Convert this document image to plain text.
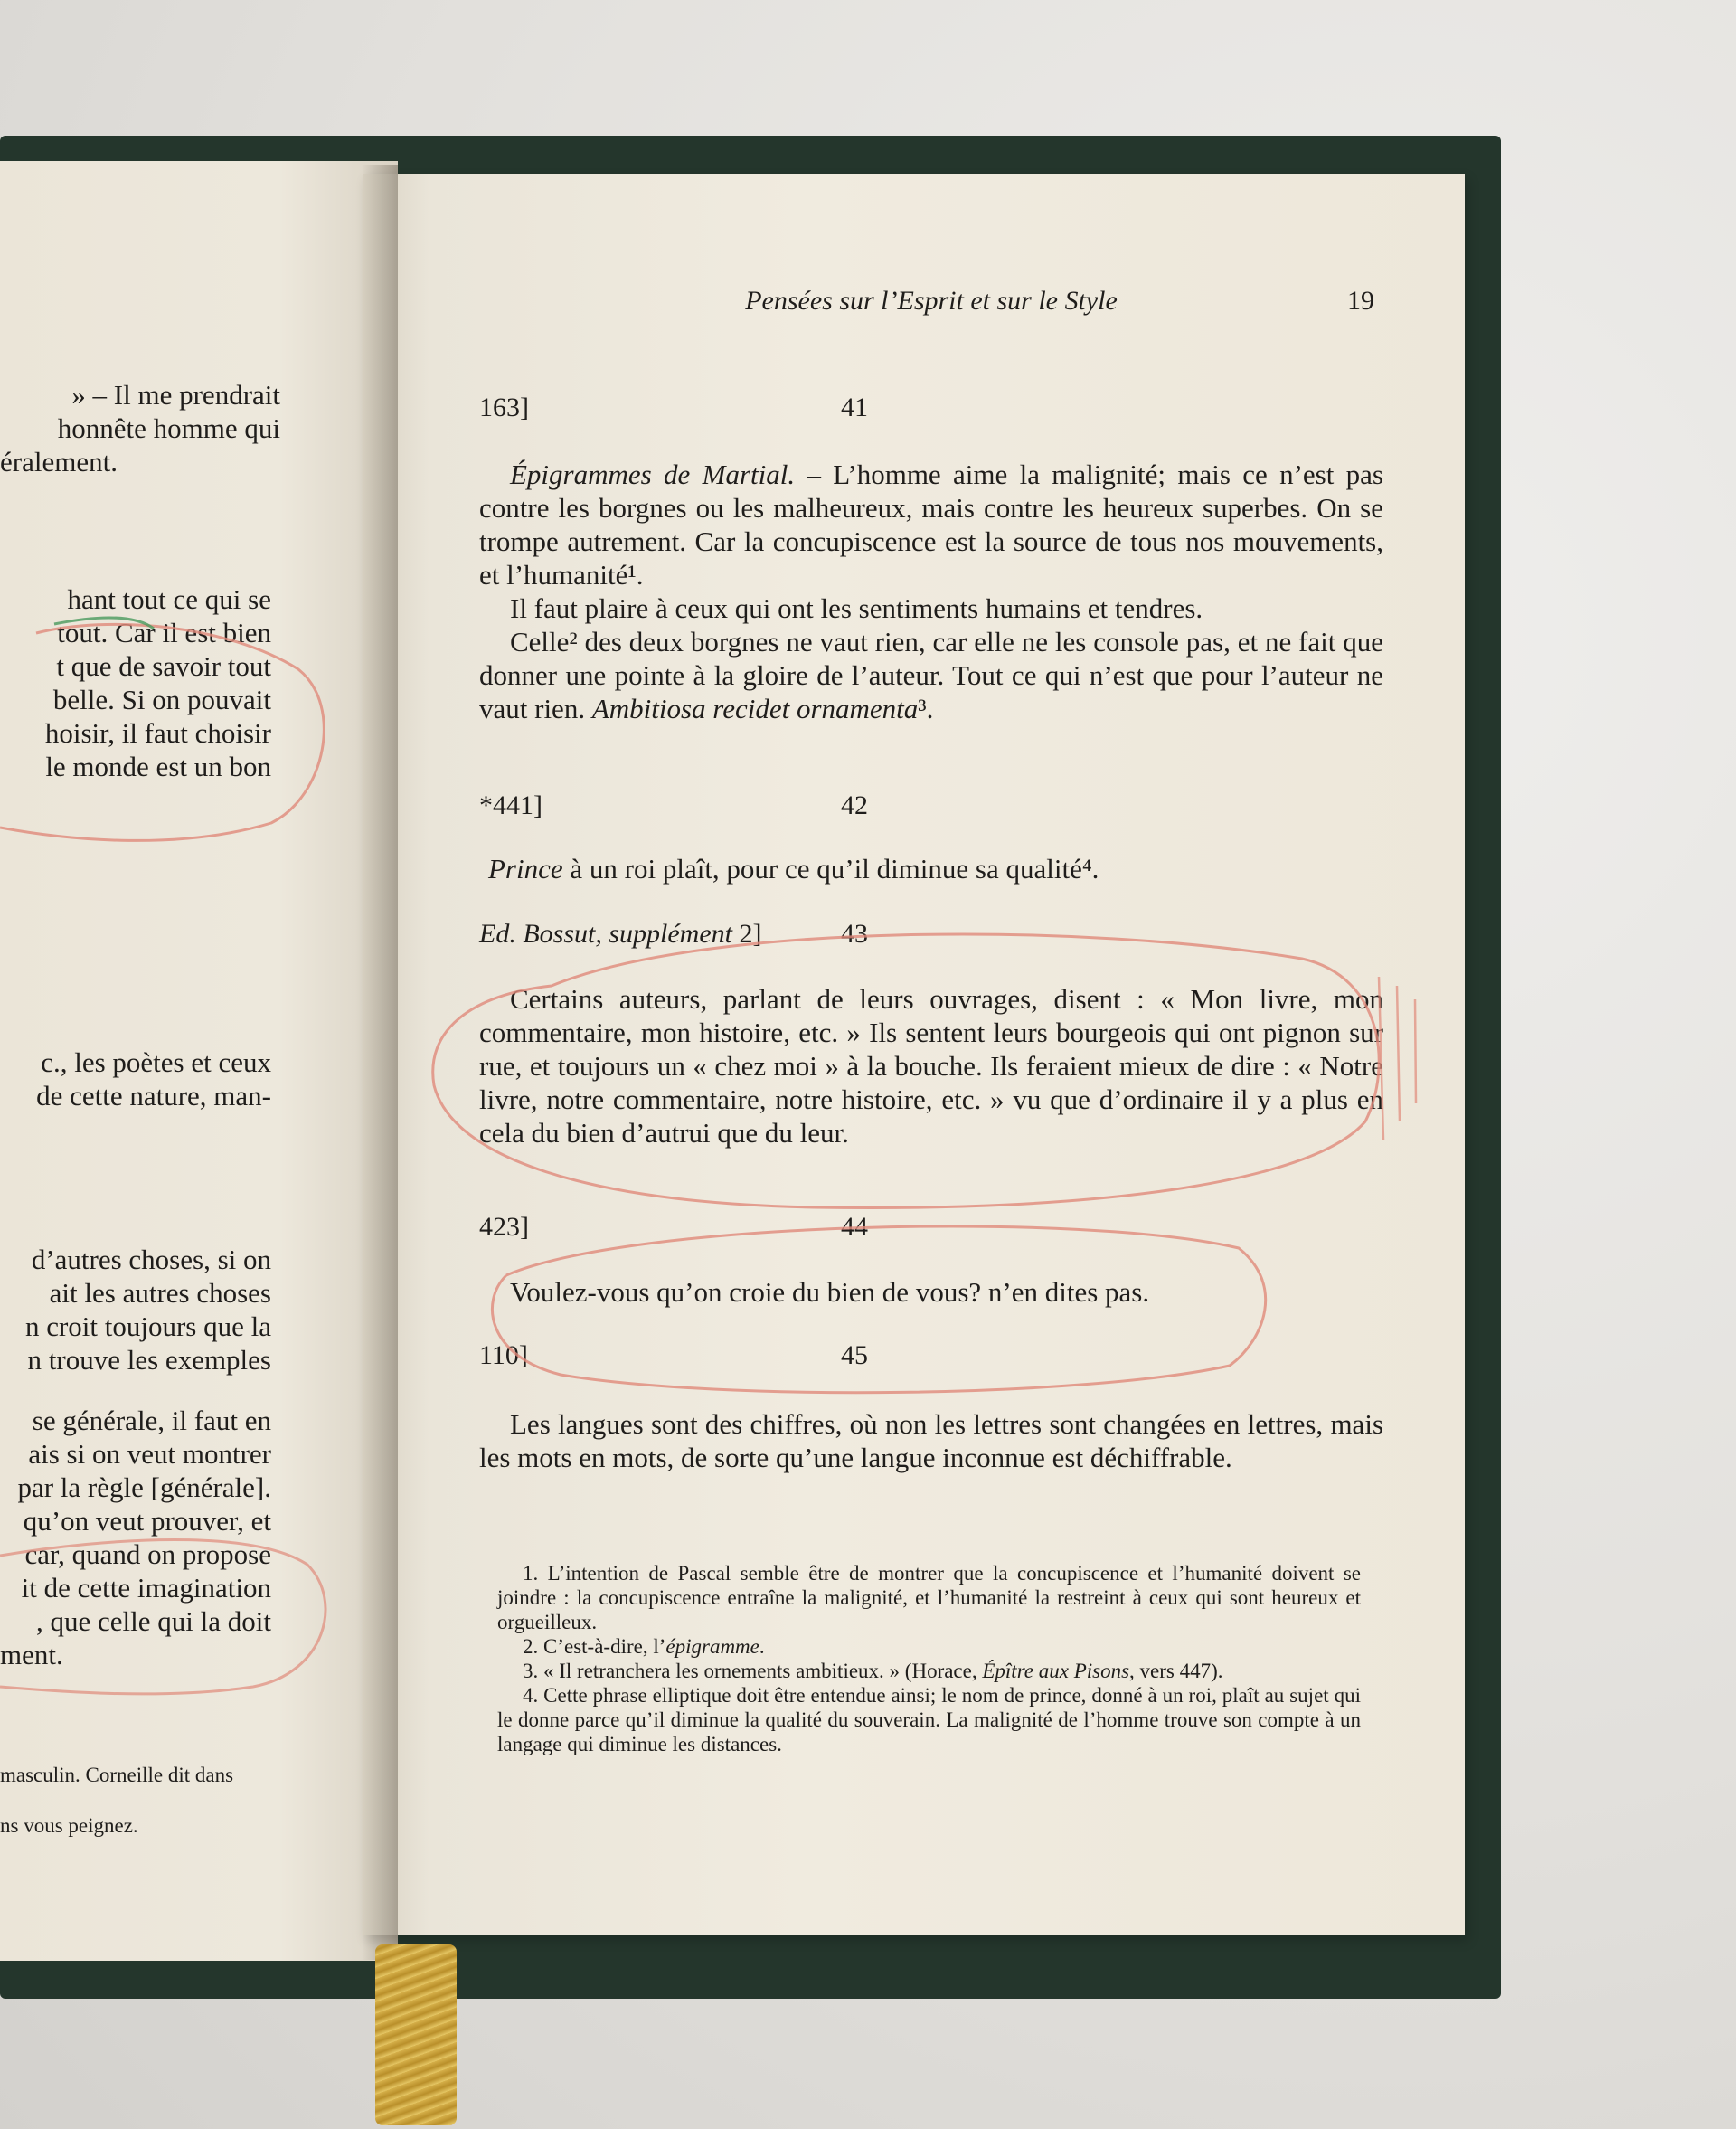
» – Il me prendrait

honnête homme qui

éralement.

hant tout ce qui se

tout. Car il est bien

t que de savoir tout

belle. Si on pouvait

hoisir, il faut choisir

le monde est un bon

c., les poètes et ceux

de cette nature, man-

d’autres choses, si on

ait les autres choses

n croit toujours que la

n trouve les exemples

se générale, il faut en

ais si on veut montrer

par la règle [générale].

qu’on veut prouver, et

car, quand on propose

it de cette imagination

, que celle qui la doit

ment.

masculin. Corneille dit dans

ns vous peignez.

Pensées sur l’Esprit et sur le Style	19
163]	41

Épigrammes de Martial. – L’homme aime la malignité; mais ce n’est pas contre les borgnes ou les malheureux, mais contre les heureux superbes. On se trompe autrement. Car la concupiscence est la source de tous nos mouvements, et l’humanité¹.

Il faut plaire à ceux qui ont les sentiments humains et tendres.

Celle² des deux borgnes ne vaut rien, car elle ne les console pas, et ne fait que donner une pointe à la gloire de l’auteur. Tout ce qui n’est que pour l’auteur ne vaut rien. Ambitiosa recidet ornamenta³.

*441]	42

Prince à un roi plaît, pour ce qu’il diminue sa qualité⁴.

Ed. Bossut, supplément 2]	43

Certains auteurs, parlant de leurs ouvrages, disent : « Mon livre, mon commentaire, mon histoire, etc. » Ils sentent leurs bourgeois qui ont pignon sur rue, et toujours un « chez moi » à la bouche. Ils feraient mieux de dire : « Notre livre, notre commentaire, notre histoire, etc. » vu que d’ordinaire il y a plus en cela du bien d’autrui que du leur.

423]	44

Voulez-vous qu’on croie du bien de vous? n’en dites pas.

110]	45

Les langues sont des chiffres, où non les lettres sont changées en lettres, mais les mots en mots, de sorte qu’une langue inconnue est déchiffrable.

1. L’intention de Pascal semble être de montrer que la concupiscence et l’humanité doivent se joindre : la concupiscence entraîne la malignité, et l’humanité la restreint à ceux qui sont heureux et orgueilleux.

2. C’est-à-dire, l’épigramme.

3. « Il retranchera les ornements ambitieux. » (Horace, Épître aux Pisons, vers 447).

4. Cette phrase elliptique doit être entendue ainsi; le nom de prince, donné à un roi, plaît au sujet qui le donne parce qu’il diminue la qualité du souverain. La malignité de l’homme trouve son compte à un langage qui diminue les distances.
